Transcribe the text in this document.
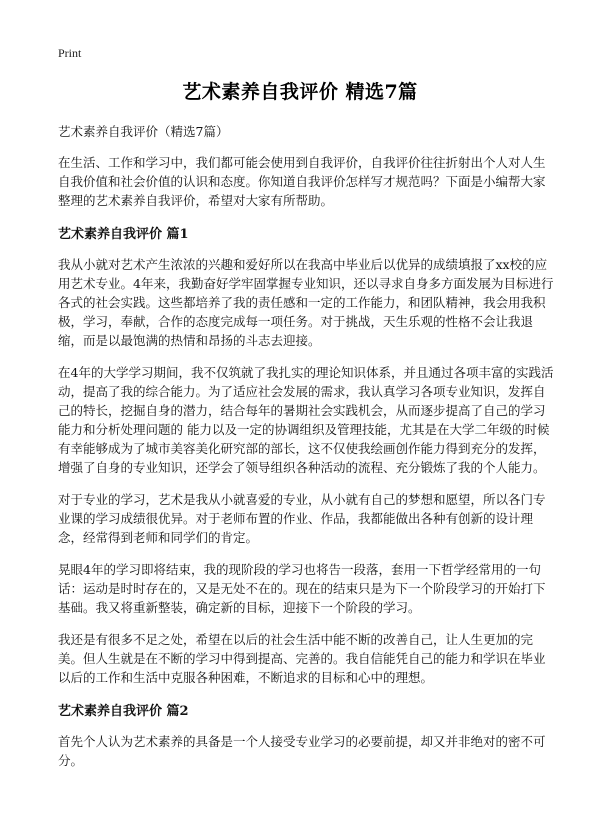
Print
艺术素养自我评价 精选7篇
艺术素养自我评价（精选7篇）

在生活、工作和学习中，我们都可能会使用到自我评价，自我评价往往折射出个人对人生自我价值和社会价值的认识和态度。你知道自我评价怎样写才规范吗？下面是小编帮大家整理的艺术素养自我评价，希望对大家有所帮助。

艺术素养自我评价 篇1

我从小就对艺术产生浓浓的兴趣和爱好所以在我高中毕业后以优异的成绩填报了xx校的应用艺术专业。4年来，我勤奋好学牢固掌握专业知识，还以寻求自身多方面发展为目标进行各式的社会实践。这些都培养了我的责任感和一定的工作能力，和团队精神，我会用我积极，学习，奉献，合作的态度完成每一项任务。对于挑战，天生乐观的性格不会让我退缩，而是以最饱满的热情和昂扬的斗志去迎接。

在4年的大学学习期间，我不仅筑就了我扎实的理论知识体系，并且通过各项丰富的实践活动，提高了我的综合能力。为了适应社会发展的需求，我认真学习各项专业知识，发挥自己的特长，挖掘自身的潜力，结合每年的暑期社会实践机会，从而逐步提高了自己的学习能力和分析处理问题的 能力以及一定的协调组织及管理技能，尤其是在大学二年级的时候有幸能够成为了城市美容美化研究部的部长，这不仅使我绘画创作能力得到充分的发挥，增强了自身的专业知识，还学会了领导组织各种活动的流程、充分锻炼了我的个人能力。

对于专业的学习，艺术是我从小就喜爱的专业，从小就有自己的梦想和愿望，所以各门专业课的学习成绩很优异。对于老师布置的作业、作品，我都能做出各种有创新的设计理念，经常得到老师和同学们的肯定。

晃眼4年的学习即将结束，我的现阶段的学习也将告一段落，套用一下哲学经常用的一句话：运动是时时存在的，又是无处不在的。现在的结束只是为下一个阶段学习的开始打下基础。我又将重新整装，确定新的目标，迎接下一个阶段的学习。

我还是有很多不足之处，希望在以后的社会生活中能不断的改善自己，让人生更加的完美。但人生就是在不断的学习中得到提高、完善的。我自信能凭自己的能力和学识在毕业以后的工作和生活中克服各种困难，不断追求的目标和心中的理想。

艺术素养自我评价 篇2

首先个人认为艺术素养的具备是一个人接受专业学习的必要前提，却又并非绝对的密不可分。
